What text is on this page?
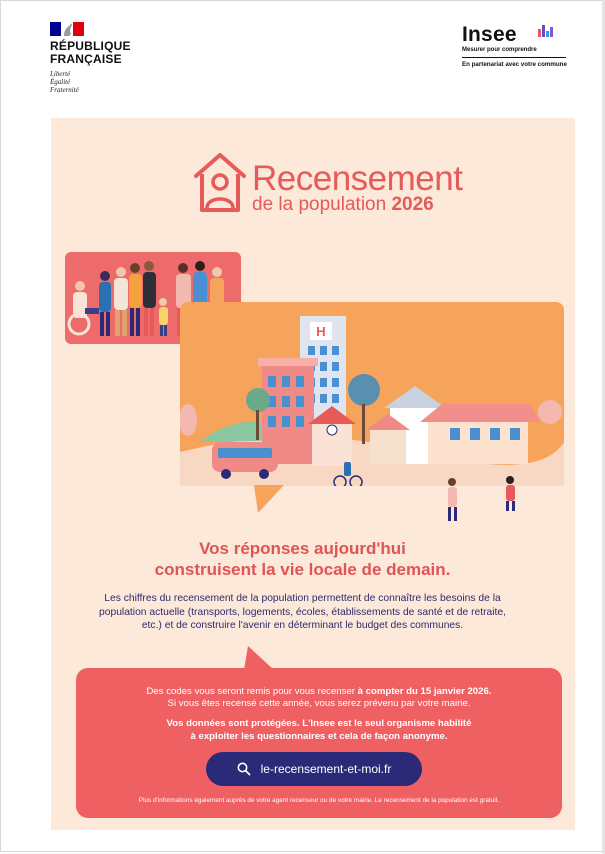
RÉPUBLIQUE
FRANÇAISE
Liberté
Égalité
Fraternité
Insee
Mesurer pour comprendre
En partenariat avec votre commune
Recensement
de la population 2026
H
Vos réponses aujourd'hui
construisent la vie locale de demain.
Les chiffres du recensement de la population permettent de connaître les besoins de la
population actuelle (transports, logements, écoles, établissements de santé et de retraite,
etc.) et de construire l'avenir en déterminant le budget des communes.
Des codes vous seront remis pour vous recenser à compter du 15 janvier 2026.
Si vous êtes recensé cette année, vous serez prévenu par votre mairie.
Vos données sont protégées. L'Insee est le seul organisme habilité
à exploiter les questionnaires et cela de façon anonyme.
le-recensement-et-moi.fr
Plus d'informations également auprès de votre agent recenseur ou de votre mairie. Le recensement de la population est gratuit.
